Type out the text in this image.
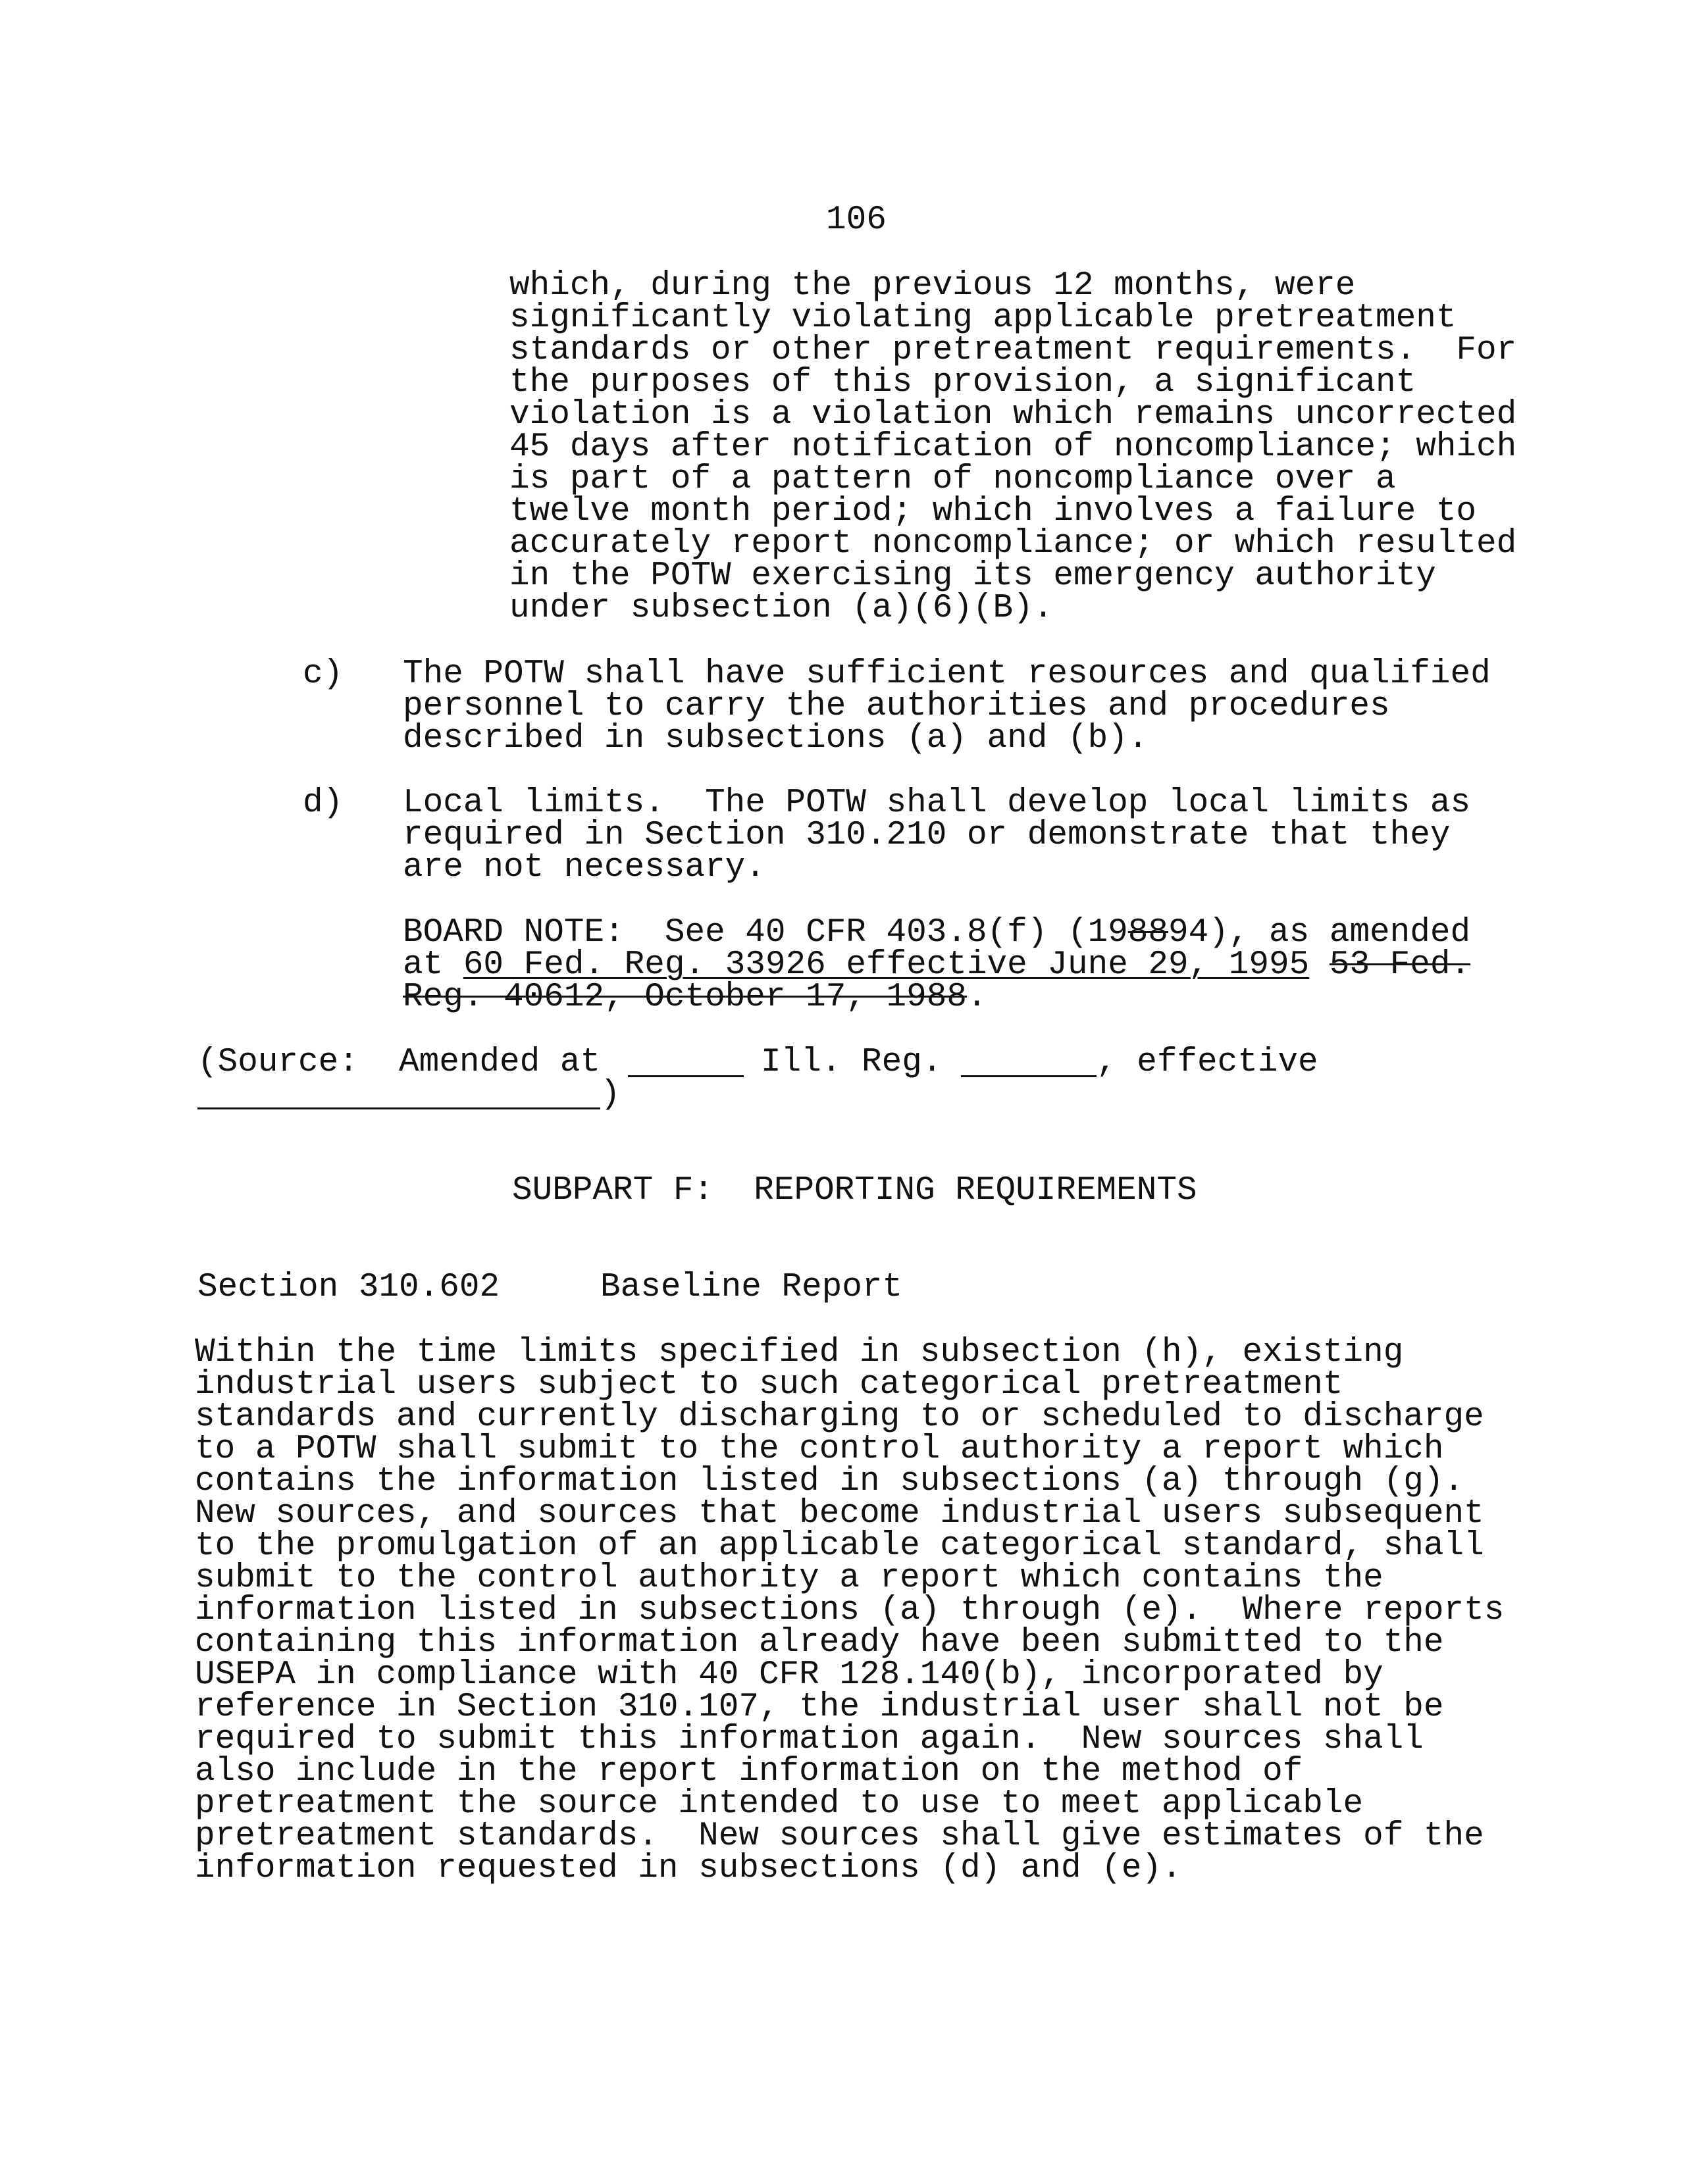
106
which, during the previous 12 months, were
significantly violating applicable pretreatment
standards or other pretreatment requirements.  For
the purposes of this provision, a significant
violation is a violation which remains uncorrected
45 days after notification of noncompliance; which
is part of a pattern of noncompliance over a
twelve month period; which involves a failure to
accurately report noncompliance; or which resulted
in the POTW exercising its emergency authority
under subsection (a)(6)(B).
c) The POTW shall have sufficient resources and qualified
personnel to carry the authorities and procedures
described in subsections (a) and (b).
d) Local limits.  The POTW shall develop local limits as
required in Section 310.210 or demonstrate that they
are not necessary.
BOARD NOTE:  See 40 CFR 403.8(f) (198894), as amended
at 60 Fed. Reg. 33926 effective June 29, 1995 53 Fed.
Reg. 40612, October 17, 1988.
(Source: Amended at	Ill. Reg.	, effective
)
SUBPART F:  REPORTING REQUIREMENTS
Section 310.602	Baseline Report
Within the time limits specified in subsection (h), existing
industrial users subject to such categorical pretreatment
standards and currently discharging to or scheduled to discharge
to a POTW shall submit to the control authority a report which
contains the information listed in subsections (a) through (g).
New sources, and sources that become industrial users subsequent
to the promulgation of an applicable categorical standard, shall
submit to the control authority a report which contains the
information listed in subsections (a) through (e).  Where reports
containing this information already have been submitted to the
USEPA in compliance with 40 CFR 128.140(b), incorporated by
reference in Section 310.107, the industrial user shall not be
required to submit this information again.  New sources shall
also include in the report information on the method of
pretreatment the source intended to use to meet applicable
pretreatment standards.  New sources shall give estimates of the
information requested in subsections (d) and (e).
